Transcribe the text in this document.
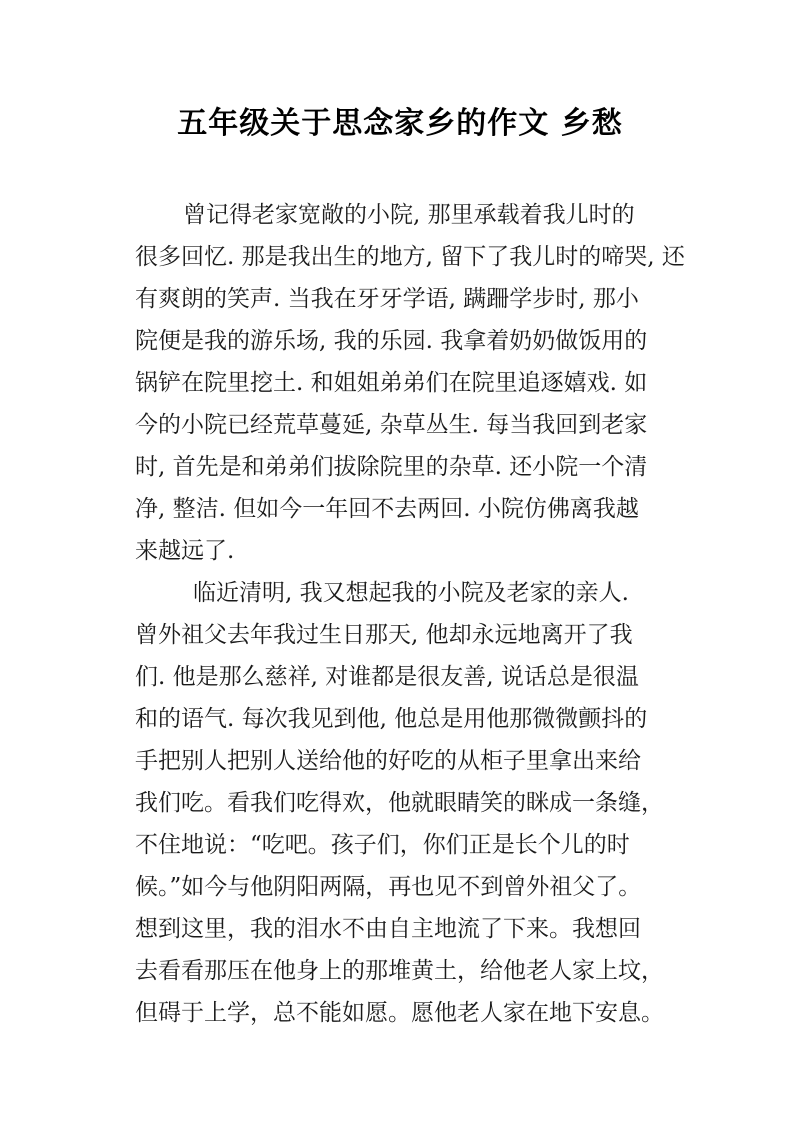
五年级关于思念家乡的作文 乡愁
曾记得老家宽敞的小院, 那里承载着我儿时的
很多回忆. 那是我出生的地方, 留下了我儿时的啼哭, 还
有爽朗的笑声. 当我在牙牙学语, 蹒跚学步时, 那小
院便是我的游乐场, 我的乐园. 我拿着奶奶做饭用的
锅铲在院里挖土. 和姐姐弟弟们在院里追逐嬉戏. 如
今的小院已经荒草蔓延, 杂草丛生. 每当我回到老家
时, 首先是和弟弟们拔除院里的杂草. 还小院一个清
净, 整洁. 但如今一年回不去两回. 小院仿佛离我越
来越远了.
临近清明, 我又想起我的小院及老家的亲人.
曾外祖父去年我过生日那天, 他却永远地离开了我
们. 他是那么慈祥, 对谁都是很友善, 说话总是很温
和的语气. 每次我见到他, 他总是用他那微微颤抖的
手把别人把别人送给他的好吃的从柜子里拿出来给
我们吃。看我们吃得欢，他就眼睛笑的眯成一条缝，
不住地说：“吃吧。孩子们，你们正是长个儿的时
候。”如今与他阴阳两隔，再也见不到曾外祖父了。
想到这里，我的泪水不由自主地流了下来。我想回
去看看那压在他身上的那堆黄土，给他老人家上坟，
但碍于上学，总不能如愿。愿他老人家在地下安息。
